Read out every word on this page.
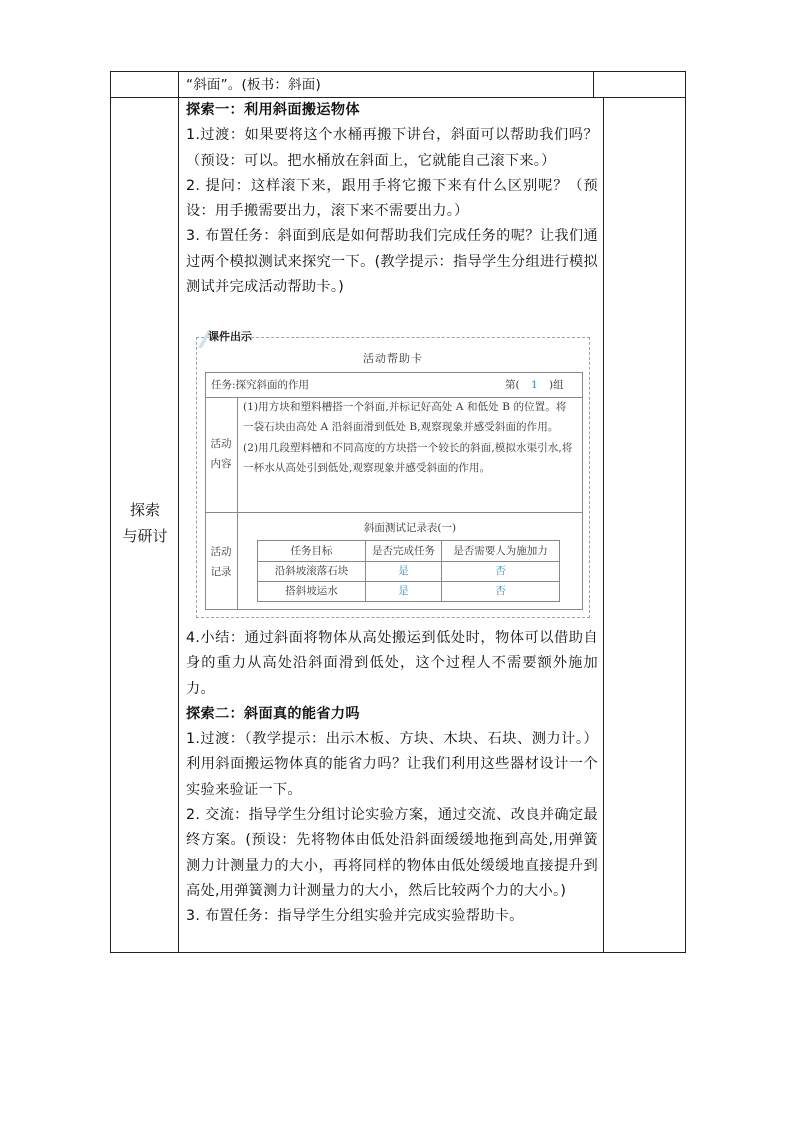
“斜面”。(板书：斜面)
探索
与研讨

探索一：利用斜面搬运物体

1.过渡：如果要将这个水桶再搬下讲台，斜面可以帮助我们吗？（预设：可以。把水桶放在斜面上，它就能自己滚下来。）

2. 提问：这样滚下来，跟用手将它搬下来有什么区别呢？（预设：用手搬需要出力，滚下来不需要出力。）

3. 布置任务：斜面到底是如何帮助我们完成任务的呢？让我们通过两个模拟测试来探究一下。(教学提示：指导学生分组进行模拟测试并完成活动帮助卡。)

课件出示
活动帮助卡
任务:探究斜面的作用	第( 1 )组
活动
内容
(1)用方块和塑料槽搭一个斜面,并标记好高处 A 和低处 B 的位置。将一袋石块由高处 A 沿斜面滑到低处 B,观察现象并感受斜面的作用。
(2)用几段塑料槽和不同高度的方块搭一个较长的斜面,模拟水渠引水,将一杯水从高处引到低处,观察现象并感受斜面的作用。
活动
记录
斜面测试记录表(一)
任务目标	是否完成任务	是否需要人为施加力
沿斜坡滚落石块	是	否
搭斜坡运水	是	否

4.小结：通过斜面将物体从高处搬运到低处时，物体可以借助自身的重力从高处沿斜面滑到低处，这个过程人不需要额外施加力。

探索二：斜面真的能省力吗

1.过渡：（教学提示：出示木板、方块、木块、石块、测力计。）利用斜面搬运物体真的能省力吗？让我们利用这些器材设计一个实验来验证一下。

2. 交流：指导学生分组讨论实验方案，通过交流、改良并确定最终方案。(预设：先将物体由低处沿斜面缓缓地拖到高处,用弹簧测力计测量力的大小，再将同样的物体由低处缓缓地直接提升到高处,用弹簧测力计测量力的大小，然后比较两个力的大小。)

3. 布置任务：指导学生分组实验并完成实验帮助卡。
